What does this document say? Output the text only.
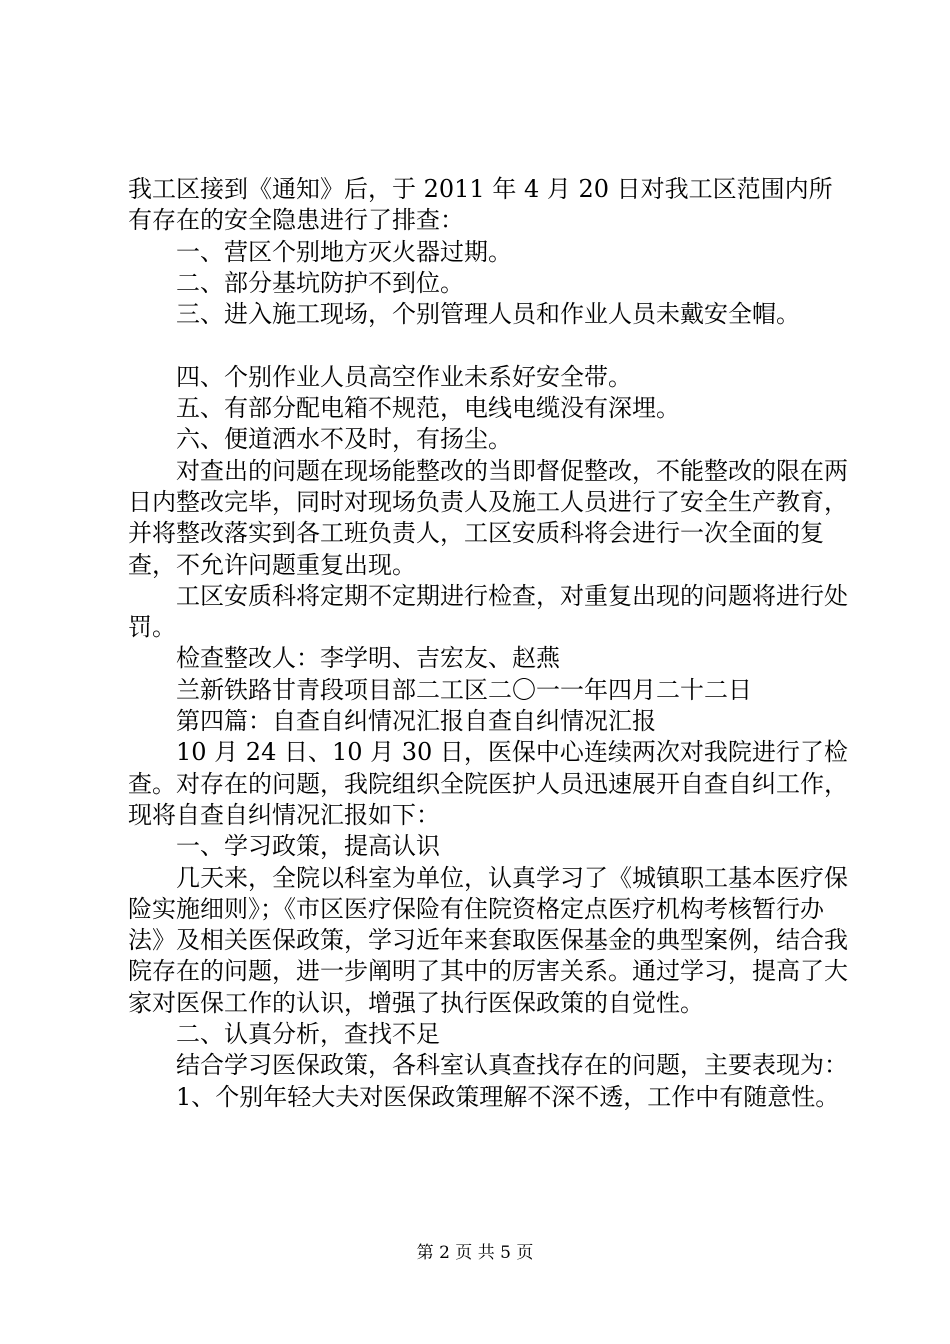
我工区接到《通知》后，于 2011 年 4 月 20 日对我工区范围内所有存在的安全隐患进行了排查：

一、营区个别地方灭火器过期。

二、部分基坑防护不到位。

三、进入施工现场，个别管理人员和作业人员未戴安全帽。

四、个别作业人员高空作业未系好安全带。

五、有部分配电箱不规范，电线电缆没有深埋。

六、便道洒水不及时，有扬尘。

对查出的问题在现场能整改的当即督促整改，不能整改的限在两日内整改完毕，同时对现场负责人及施工人员进行了安全生产教育，并将整改落实到各工班负责人，工区安质科将会进行一次全面的复查，不允许问题重复出现。

工区安质科将定期不定期进行检查，对重复出现的问题将进行处罚。

检查整改人：李学明、吉宏友、赵燕

兰新铁路甘青段项目部二工区二〇一一年四月二十二日

第四篇：自查自纠情况汇报自查自纠情况汇报

10 月 24 日、10 月 30 日，医保中心连续两次对我院进行了检查。对存在的问题，我院组织全院医护人员迅速展开自查自纠工作，现将自查自纠情况汇报如下：

一、学习政策，提高认识

几天来，全院以科室为单位，认真学习了《城镇职工基本医疗保险实施细则》；《市区医疗保险有住院资格定点医疗机构考核暂行办法》及相关医保政策，学习近年来套取医保基金的典型案例，结合我院存在的问题，进一步阐明了其中的厉害关系。通过学习，提高了大家对医保工作的认识，增强了执行医保政策的自觉性。

二、认真分析，查找不足

结合学习医保政策，各科室认真查找存在的问题，主要表现为：

1、个别年轻大夫对医保政策理解不深不透，工作中有随意性。

第 2 页 共 5 页
